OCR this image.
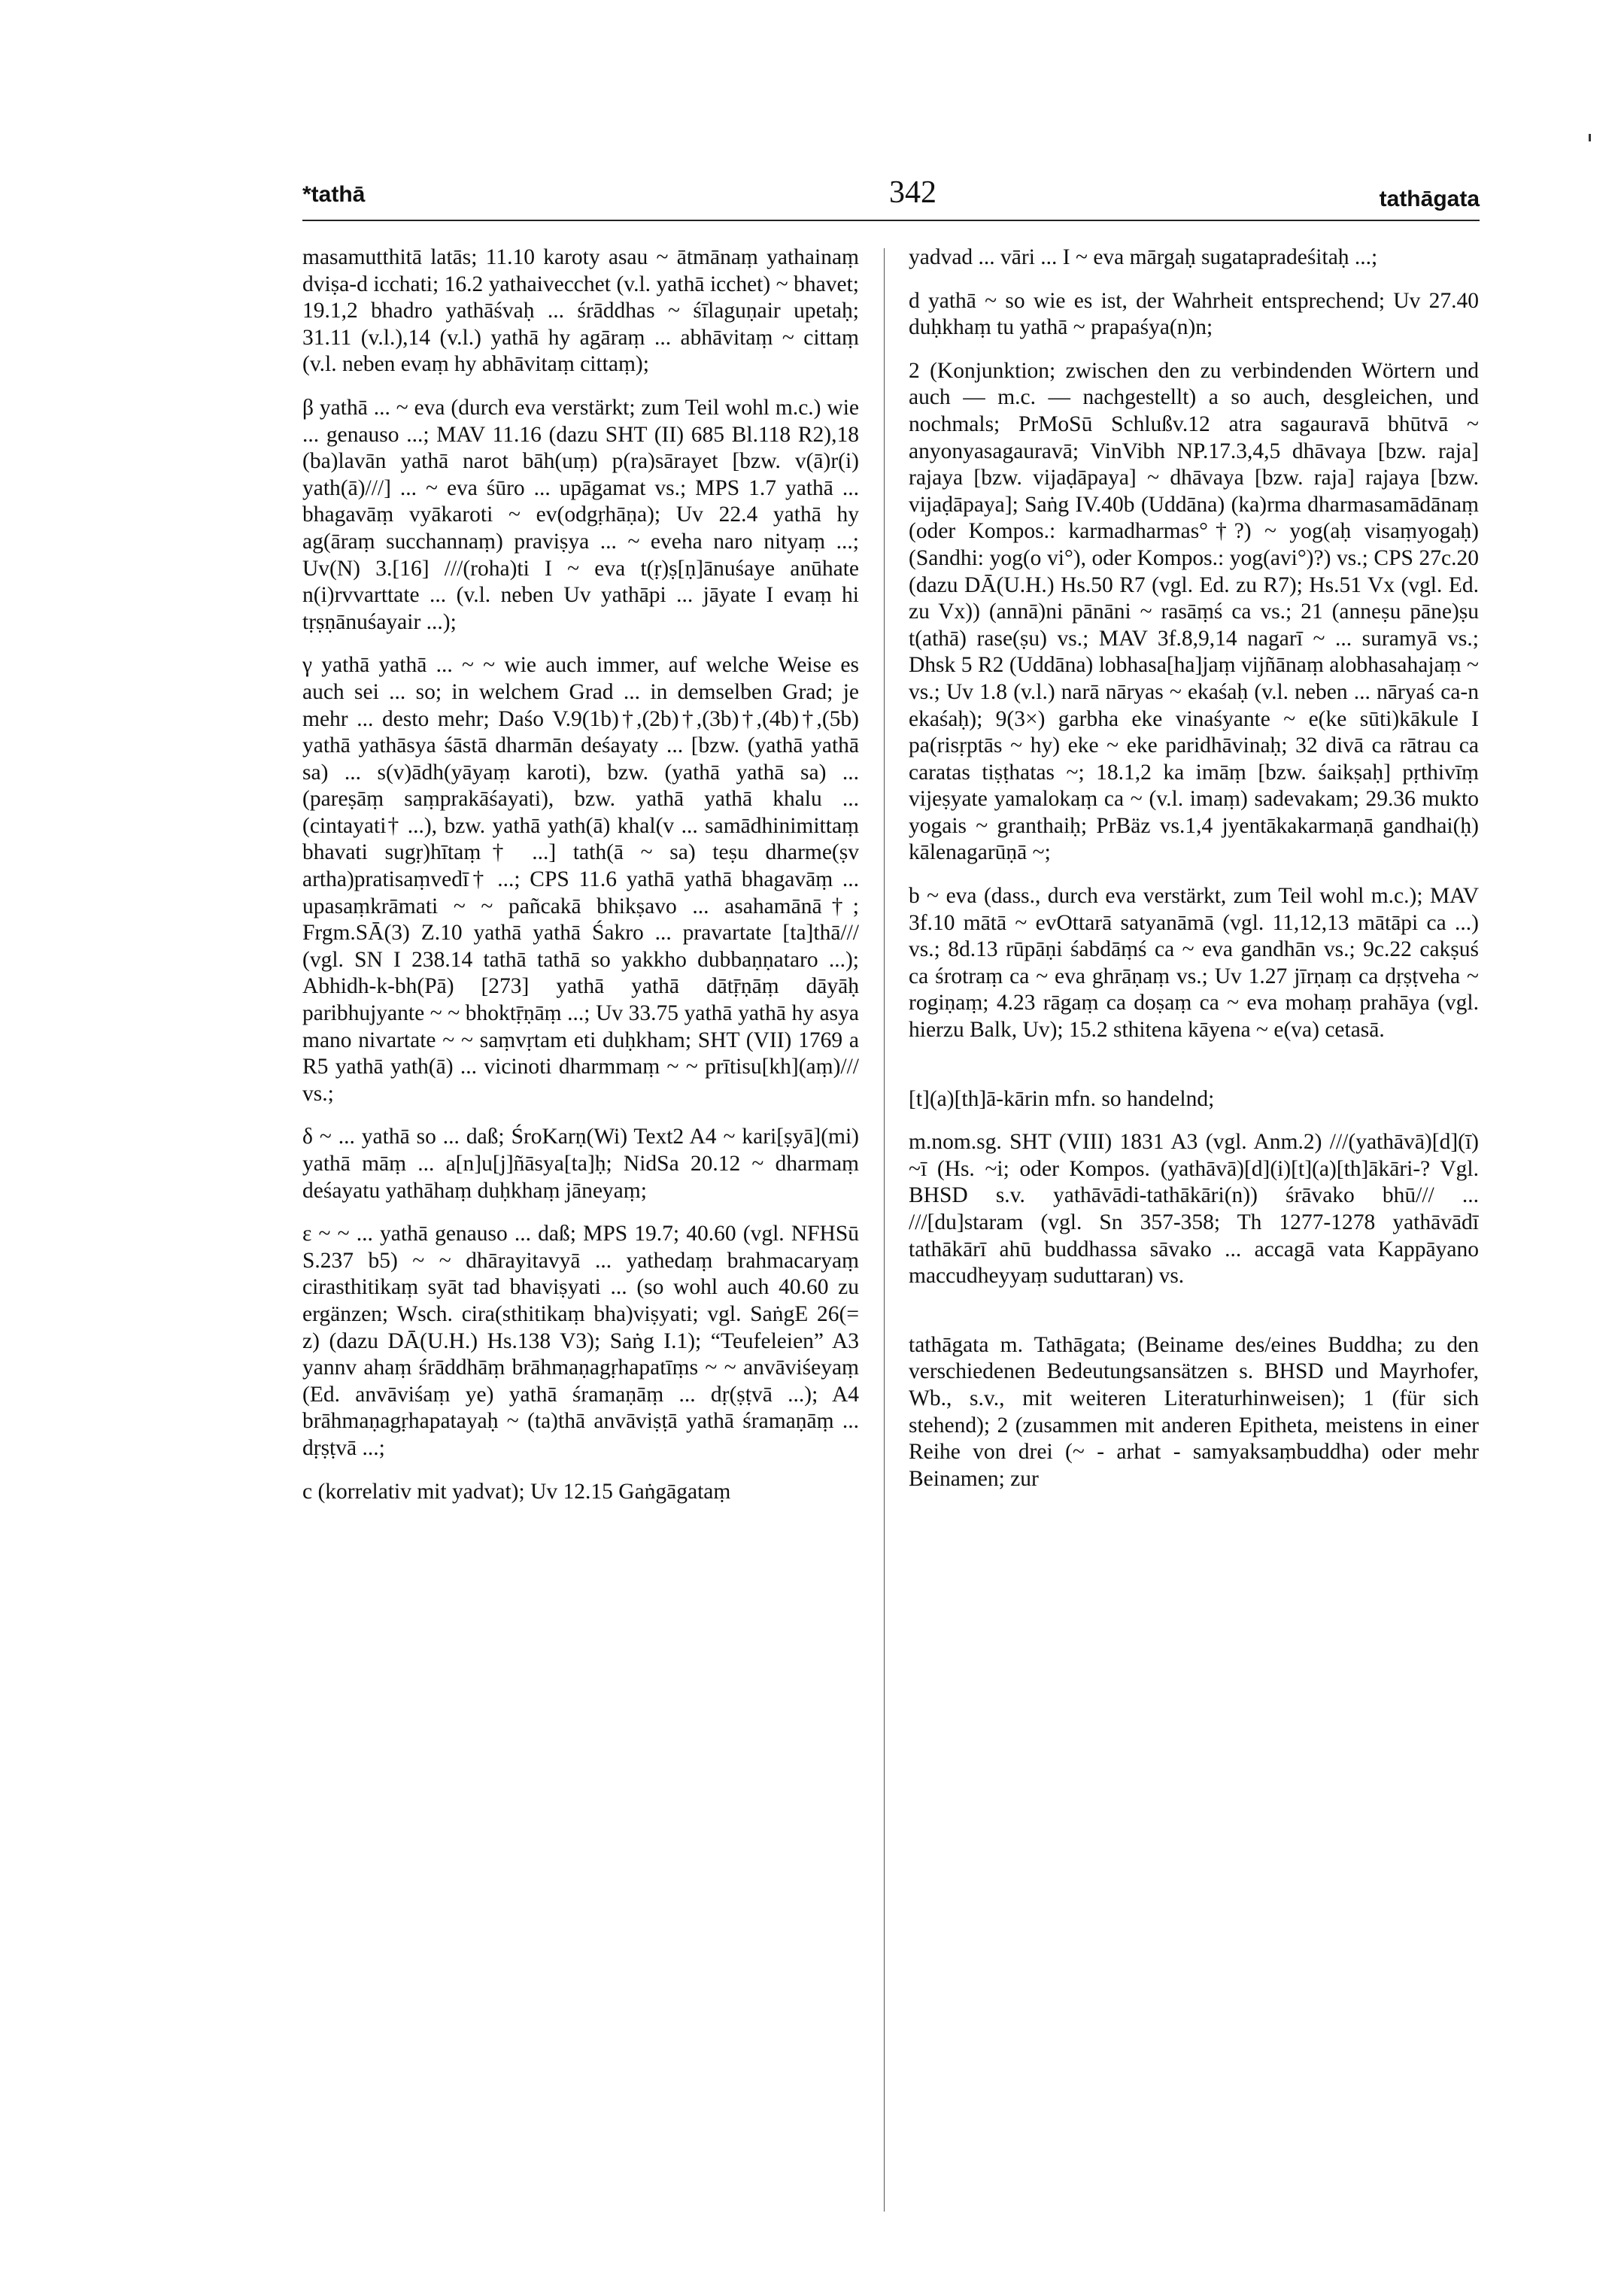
*tathā	342	tathāgata

masamutthitā latās; 11.10 karoty asau ~ ātmānaṃ yathainaṃ dviṣa-d icchati; 16.2 yathaivecchet (v.l. yathā icchet) ~ bhavet; 19.1,2 bhadro yathāśvaḥ ... śrāddhas ~ śīlaguṇair upetaḥ; 31.11 (v.l.),14 (v.l.) yathā hy agāraṃ ... abhāvitaṃ ~ cittaṃ (v.l. neben evaṃ hy abhāvitaṃ cittaṃ);

β yathā ... ~ eva (durch eva verstärkt; zum Teil wohl m.c.) wie ... genauso ...; MAV 11.16 (dazu SHT (II) 685 Bl.118 R2),18 (ba)lavān yathā narot bāh(uṃ) p(ra)sārayet [bzw. v(ā)r(i) yath(ā)///] ... ~ eva śūro ... upāgamat vs.; MPS 1.7 yathā ... bhagavāṃ vyākaroti ~ ev(odgṛhāṇa); Uv 22.4 yathā hy ag(āraṃ succhannaṃ) praviṣya ... ~ eveha naro nityaṃ ...; Uv(N) 3.[16] ///(roha)ti I ~ eva t(ṛ)ṣ[ṇ]ānuśaye anūhate n(i)rvvarttate ... (v.l. neben Uv yathāpi ... jāyate I evaṃ hi tṛṣṇānuśayair ...);

γ yathā yathā ... ~ ~ wie auch immer, auf welche Weise es auch sei ... so; in welchem Grad ... in demselben Grad; je mehr ... desto mehr; Daśo V.9(1b)†,(2b)†,(3b)†,(4b)†,(5b) yathā yathāsya śāstā dharmān deśayaty ... [bzw. (yathā yathā sa) ... s(v)ādh(yāyaṃ karoti), bzw. (yathā yathā sa) ... (pareṣāṃ saṃprakāśayati), bzw. yathā yathā khalu ... (cintayati† ...), bzw. yathā yath(ā) khal(v ... samādhinimittaṃ bhavati sugṛ)hītaṃ† ...] tath(ā ~ sa) teṣu dharme(ṣv artha)pratisaṃvedī† ...; CPS 11.6 yathā yathā bhagavāṃ ... upasaṃkrāmati ~ ~ pañcakā bhikṣavo ... asahamānā†; Frgm.SĀ(3) Z.10 yathā yathā Śakro ... pravartate [ta]thā/// (vgl. SN I 238.14 tathā tathā so yakkho dubbaṇṇataro ...); Abhidh-k-bh(Pā) [273] yathā yathā dātṝṇāṃ dāyāḥ paribhujyante ~ ~ bhoktṝṇāṃ ...; Uv 33.75 yathā yathā hy asya mano nivartate ~ ~ saṃvṛtam eti duḥkham; SHT (VII) 1769 a R5 yathā yath(ā) ... vicinoti dharmmaṃ ~ ~ prītisu[kh](aṃ)/// vs.;

δ ~ ... yathā so ... daß; ŚroKarṇ(Wi) Text2 A4 ~ kari[ṣyā](mi) yathā māṃ ... a[n]u[j]ñāsya[ta]ḥ; NidSa 20.12 ~ dharmaṃ deśayatu yathāhaṃ duḥkhaṃ jāneyaṃ;

ε ~ ~ ... yathā genauso ... daß; MPS 19.7; 40.60 (vgl. NFHSū S.237 b5) ~ ~ dhārayitavyā ... yathedaṃ brahmacaryaṃ cirasthitikaṃ syāt tad bhaviṣyati ... (so wohl auch 40.60 zu ergänzen; Wsch. cira(sthitikaṃ bha)viṣyati; vgl. SaṅgE 26(= z) (dazu DĀ(U.H.) Hs.138 V3); Saṅg I.1); “Teufeleien” A3 yannv ahaṃ śrāddhāṃ brāhmaṇagṛhapatīṃs ~ ~ anvāviśeyaṃ (Ed. anvāviśaṃ ye) yathā śramaṇāṃ ... dṛ(ṣṭvā ...); A4 brāhmaṇagṛhapatayaḥ ~ (ta)thā anvāviṣṭā yathā śramaṇāṃ ... dṛṣṭvā ...;

c (korrelativ mit yadvat); Uv 12.15 Gaṅgāgataṃ

yadvad ... vāri ... I ~ eva mārgaḥ sugatapradeśitaḥ ...;

d yathā ~ so wie es ist, der Wahrheit entsprechend; Uv 27.40 duḥkhaṃ tu yathā ~ prapaśya(n)n;

2 (Konjunktion; zwischen den zu verbindenden Wörtern und auch — m.c. — nachgestellt) a so auch, desgleichen, und nochmals; PrMoSū Schlußv.12 atra sagauravā bhūtvā ~ anyonyasagauravā; VinVibh NP.17.3,4,5 dhāvaya [bzw. raja] rajaya [bzw. vijaḍāpaya] ~ dhāvaya [bzw. raja] rajaya [bzw. vijaḍāpaya]; Saṅg IV.40b (Uddāna) (ka)rma dharmasamādānaṃ (oder Kompos.: karmadharmas°†?) ~ yog(aḥ visaṃyogaḥ) (Sandhi: yog(o vi°), oder Kompos.: yog(avi°)?) vs.; CPS 27c.20 (dazu DĀ(U.H.) Hs.50 R7 (vgl. Ed. zu R7); Hs.51 Vx (vgl. Ed. zu Vx)) (annā)ni pānāni ~ rasāṃś ca vs.; 21 (anneṣu pāne)ṣu t(athā) rase(ṣu) vs.; MAV 3f.8,9,14 nagarī ~ ... suramyā vs.; Dhsk 5 R2 (Uddāna) lobhasa[ha]jaṃ vijñānaṃ alobhasahajaṃ ~ vs.; Uv 1.8 (v.l.) narā nāryas ~ ekaśaḥ (v.l. neben ... nāryaś ca-n ekaśaḥ); 9(3×) garbha eke vinaśyante ~ e(ke sūti)kākule I pa(risṛptās ~ hy) eke ~ eke paridhāvinaḥ; 32 divā ca rātrau ca caratas tiṣṭhatas ~; 18.1,2 ka imāṃ [bzw. śaikṣaḥ] pṛthivīṃ vijeṣyate yamalokaṃ ca ~ (v.l. imaṃ) sadevakam; 29.36 mukto yogais ~ granthaiḥ; PrBäz vs.1,4 jyentākakarmaṇā gandhai(ḥ) kālenagarūṇā ~;

b ~ eva (dass., durch eva verstärkt, zum Teil wohl m.c.); MAV 3f.10 mātā ~ evOttarā satyanāmā (vgl. 11,12,13 mātāpi ca ...) vs.; 8d.13 rūpāṇi śabdāṃś ca ~ eva gandhān vs.; 9c.22 cakṣuś ca śrotraṃ ca ~ eva ghrāṇaṃ vs.; Uv 1.27 jīrṇaṃ ca dṛṣṭveha ~ rogiṇaṃ; 4.23 rāgaṃ ca doṣaṃ ca ~ eva mohaṃ prahāya (vgl. hierzu Balk, Uv); 15.2 sthitena kāyena ~ e(va) cetasā.

[t](a)[th]ā-kārin mfn. so handelnd;

m.nom.sg. SHT (VIII) 1831 A3 (vgl. Anm.2) ///(yathāvā)[d](ī) ~ī (Hs. ~i; oder Kompos. (yathāvā)[d](i)[t](a)[th]ākāri-? Vgl. BHSD s.v. yathāvādi-tathākāri(n)) śrāvako bhū/// ... ///[du]staram (vgl. Sn 357-358; Th 1277-1278 yathāvādī tathākārī ahū buddhassa sāvako ... accagā vata Kappāyano maccudheyyaṃ suduttaran) vs.

tathāgata m. Tathāgata; (Beiname des/eines Buddha; zu den verschiedenen Bedeutungsansätzen s. BHSD und Mayrhofer, Wb., s.v., mit weiteren Literaturhinweisen); 1 (für sich stehend); 2 (zusammen mit anderen Epitheta, meistens in einer Reihe von drei (~ - arhat - samyaksaṃbuddha) oder mehr Beinamen; zur
